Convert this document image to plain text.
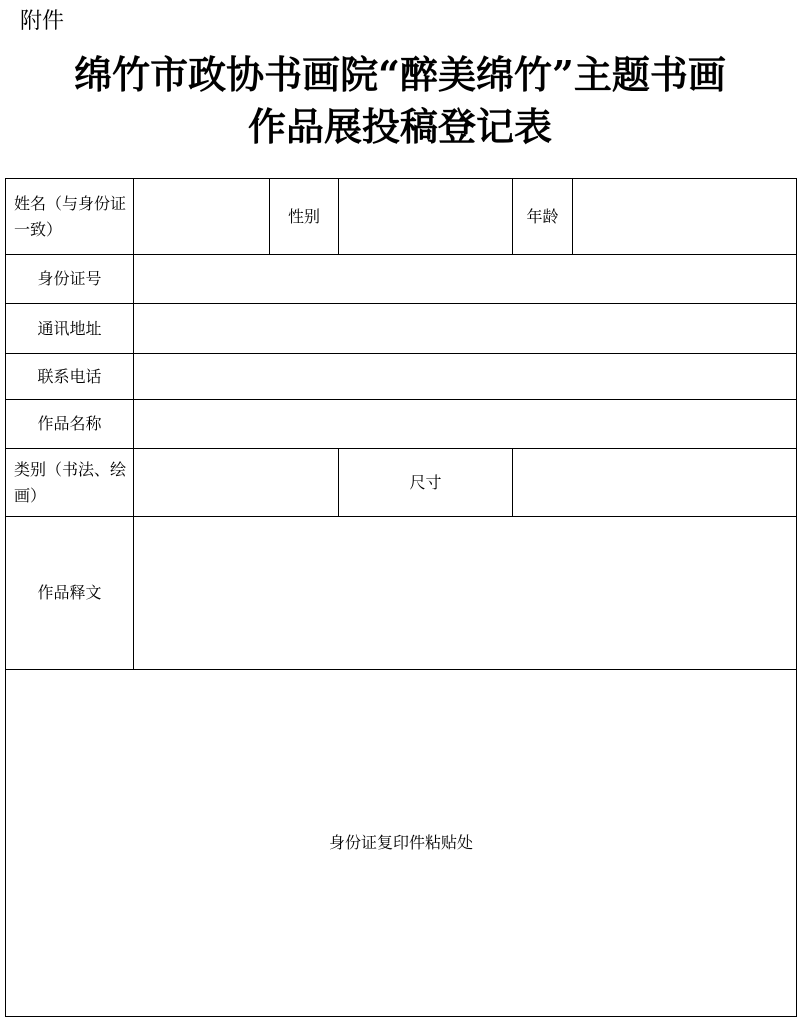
附件
绵竹市政协书画院“醉美绵竹”主题书画
作品展投稿登记表
姓名（与身份证一致）		性别		年龄	
身份证号					
通讯地址					
联系电话					
作品名称					
类别（书法、绘画）			尺寸		
作品释文					
身份证复印件粘贴处					
